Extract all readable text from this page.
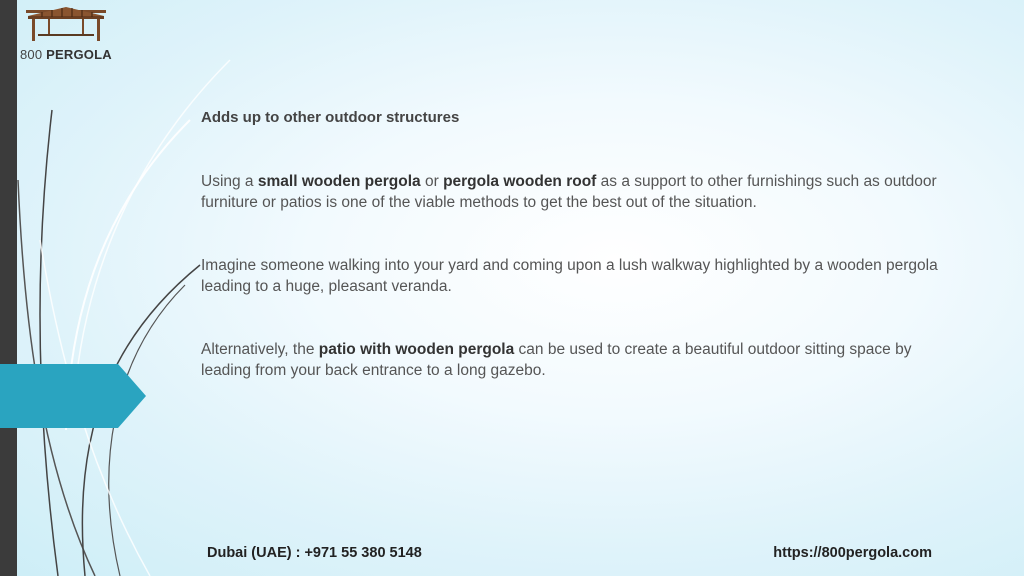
800 PERGOLA
Adds up to other outdoor structures

Using a small wooden pergola or pergola wooden roof as a support to other furnishings such as outdoor furniture or patios is one of the viable methods to get the best out of the situation.

Imagine someone walking into your yard and coming upon a lush walkway highlighted by a wooden pergola leading to a huge, pleasant veranda.

Alternatively, the patio with wooden pergola can be used to create a beautiful outdoor sitting space by leading from your back entrance to a long gazebo.

Dubai (UAE) : +971 55 380 5148	https://800pergola.com
